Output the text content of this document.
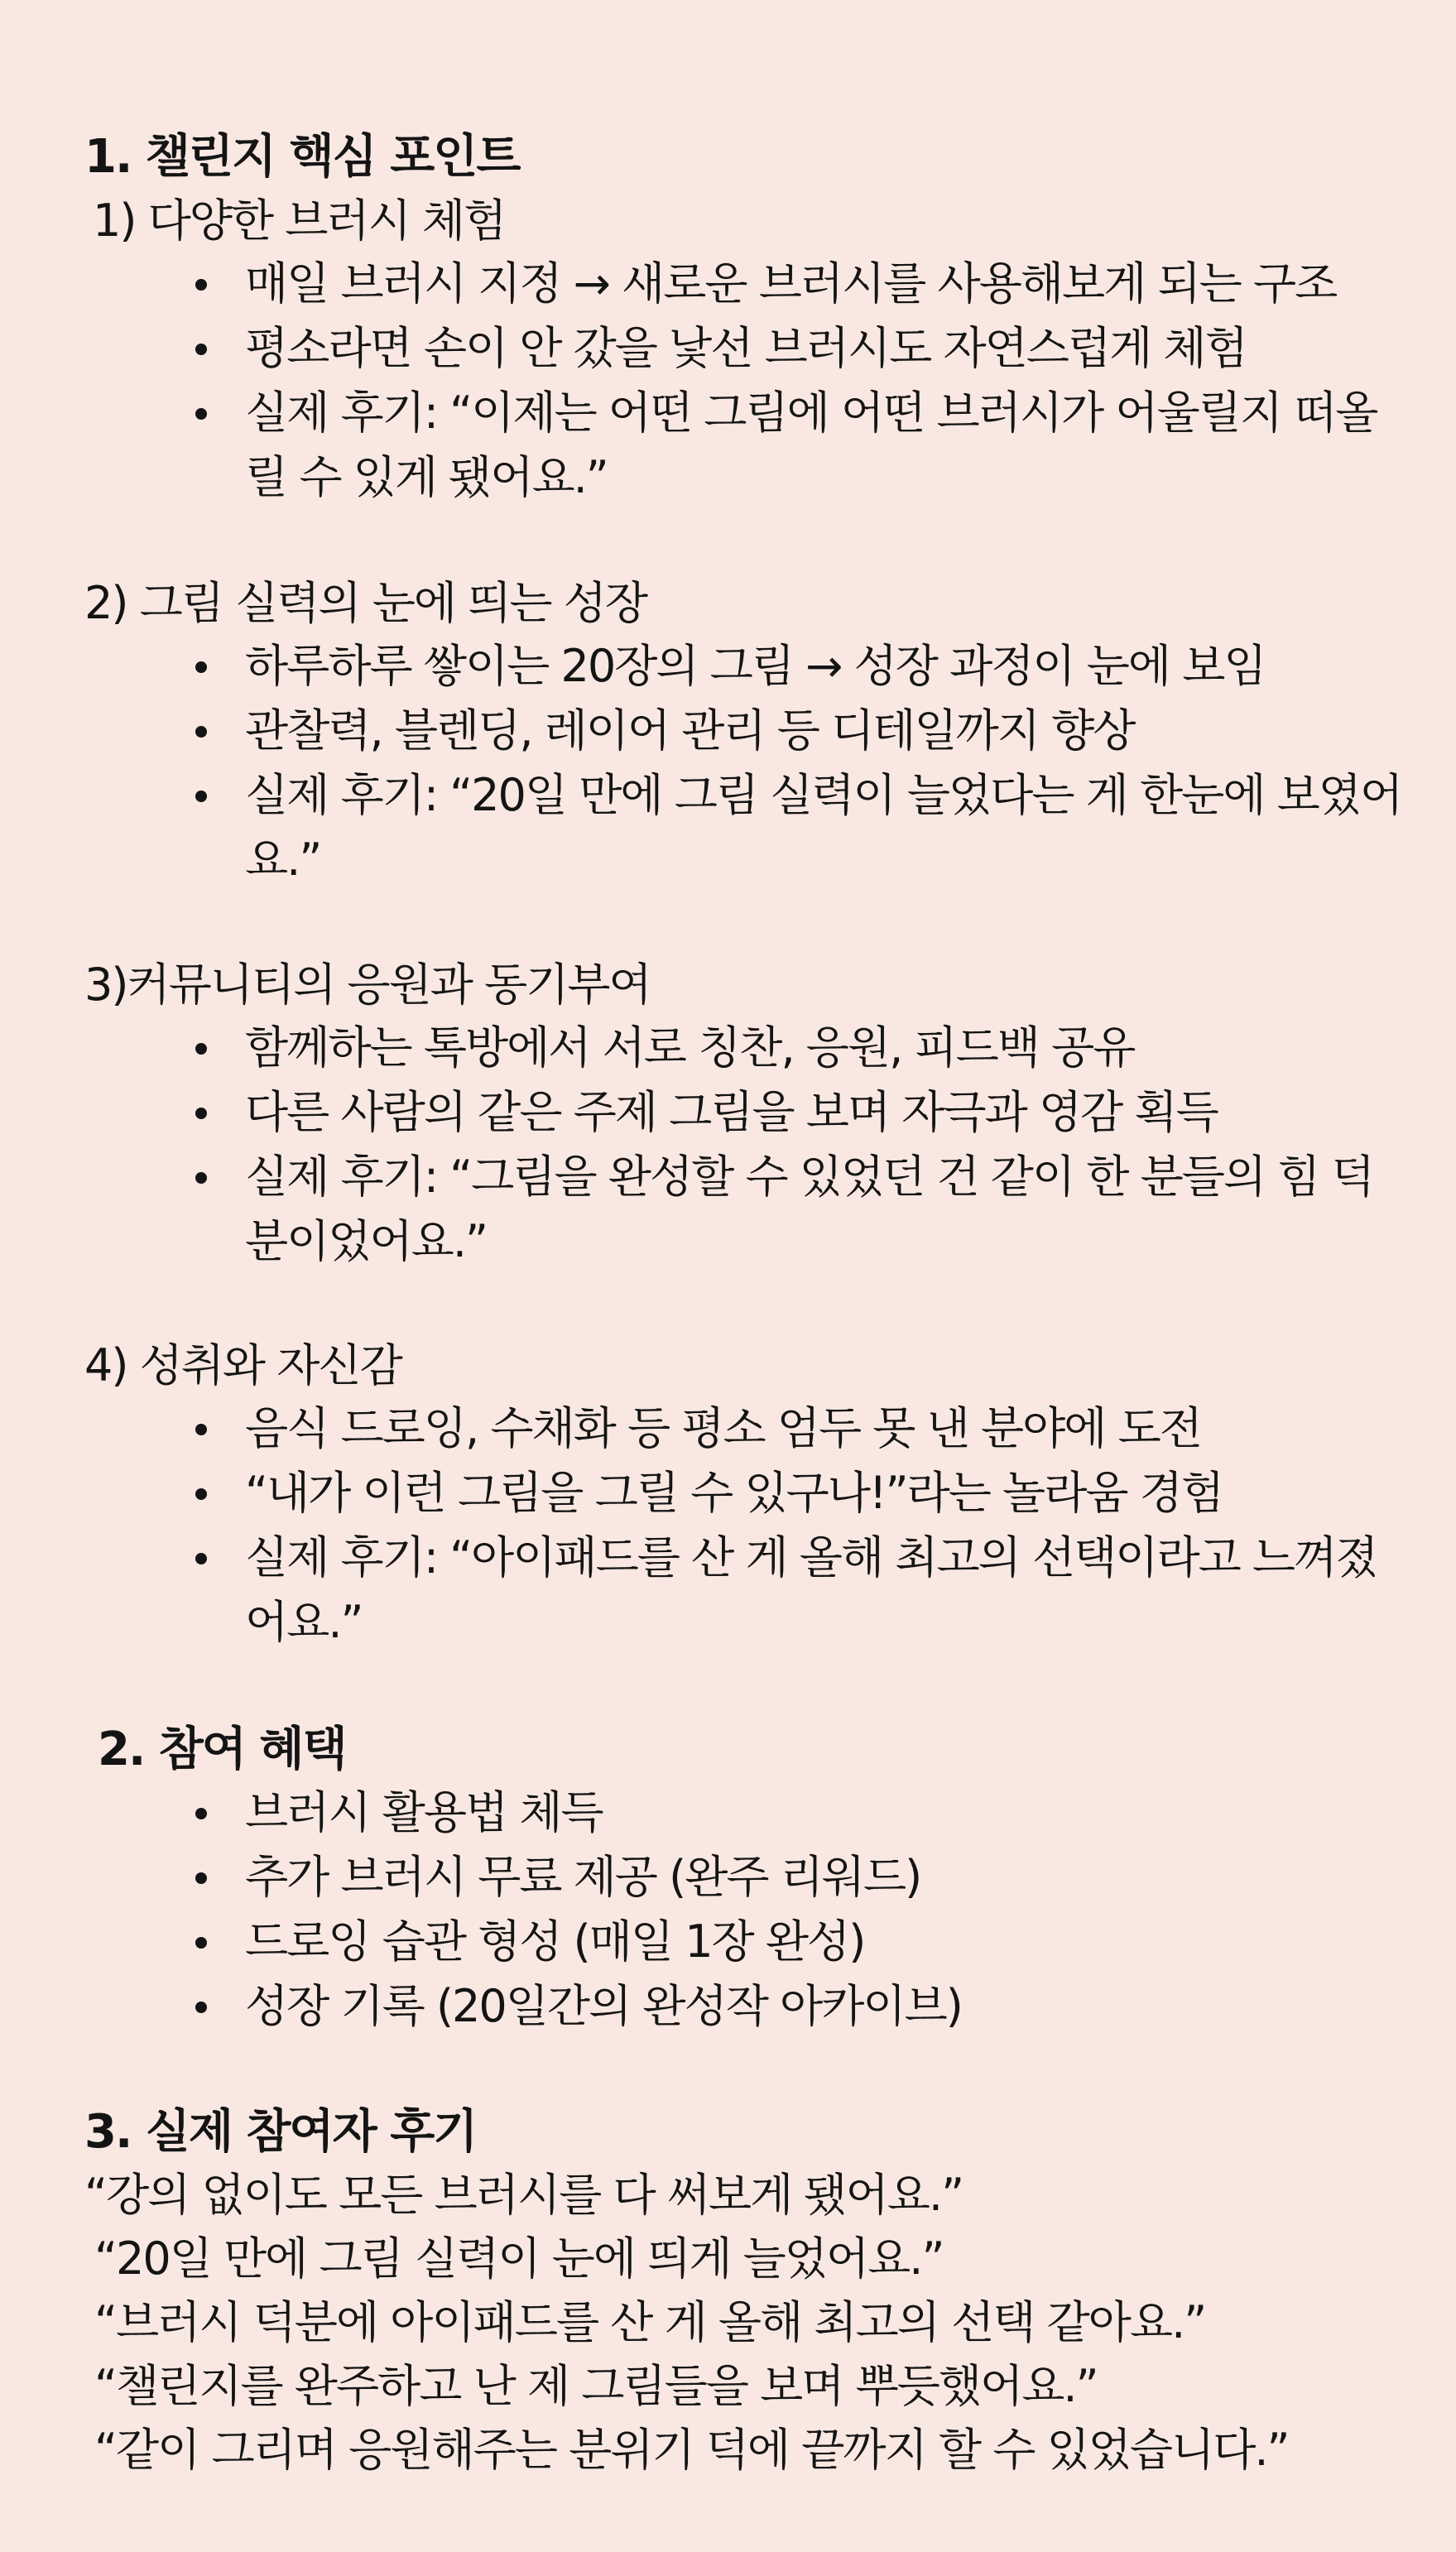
1. 챌린지 핵심 포인트
1) 다양한 브러시 체험
매일 브러시 지정 → 새로운 브러시를 사용해보게 되는 구조
평소라면 손이 안 갔을 낯선 브러시도 자연스럽게 체험
실제 후기: “이제는 어떤 그림에 어떤 브러시가 어울릴지 떠올릴 수 있게 됐어요.”
2) 그림 실력의 눈에 띄는 성장
하루하루 쌓이는 20장의 그림 → 성장 과정이 눈에 보임
관찰력, 블렌딩, 레이어 관리 등 디테일까지 향상
실제 후기: “20일 만에 그림 실력이 늘었다는 게 한눈에 보였어요.”
3)커뮤니티의 응원과 동기부여
함께하는 톡방에서 서로 칭찬, 응원, 피드백 공유
다른 사람의 같은 주제 그림을 보며 자극과 영감 획득
실제 후기: “그림을 완성할 수 있었던 건 같이 한 분들의 힘 덕분이었어요.”
4) 성취와 자신감
음식 드로잉, 수채화 등 평소 엄두 못 낸 분야에 도전
“내가 이런 그림을 그릴 수 있구나!”라는 놀라움 경험
실제 후기: “아이패드를 산 게 올해 최고의 선택이라고 느껴졌어요.”
2. 참여 혜택
브러시 활용법 체득
추가 브러시 무료 제공 (완주 리워드)
드로잉 습관 형성 (매일 1장 완성)
성장 기록 (20일간의 완성작 아카이브)
3. 실제 참여자 후기
“강의 없이도 모든 브러시를 다 써보게 됐어요.”
“20일 만에 그림 실력이 눈에 띄게 늘었어요.”
“브러시 덕분에 아이패드를 산 게 올해 최고의 선택 같아요.”
“챌린지를 완주하고 난 제 그림들을 보며 뿌듯했어요.”
“같이 그리며 응원해주는 분위기 덕에 끝까지 할 수 있었습니다.”
